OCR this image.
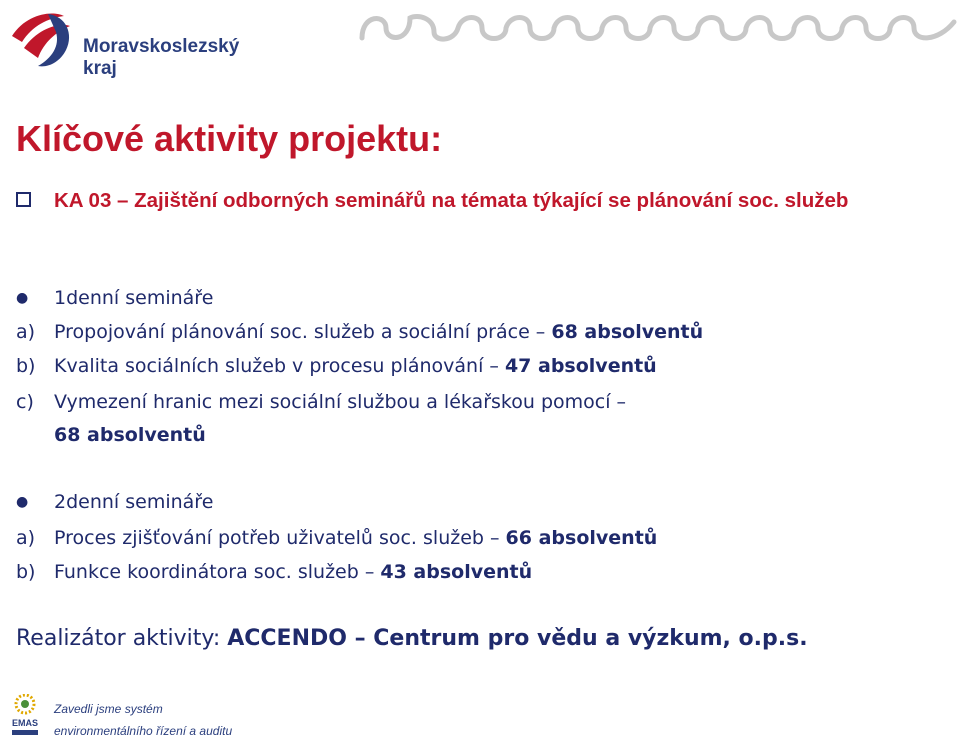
Moravskoslezský
kraj
Klíčové aktivity projektu:
KA 03 – Zajištění odborných seminářů na témata týkající se plánování soc. služeb
● 1denní semináře
a) Propojování plánování soc. služeb a sociální práce – 68 absolventů
b) Kvalita sociálních služeb v procesu plánování – 47 absolventů
c) Vymezení hranic mezi sociální službou a lékařskou pomocí –
68 absolventů
● 2denní semináře
a) Proces zjišťování potřeb uživatelů soc. služeb – 66 absolventů
b) Funkce koordinátora soc. služeb – 43 absolventů
Realizátor aktivity: ACCENDO – Centrum pro vědu a výzkum, o.p.s.
EMAS
Zavedli jsme systém
environmentálního řízení a auditu
